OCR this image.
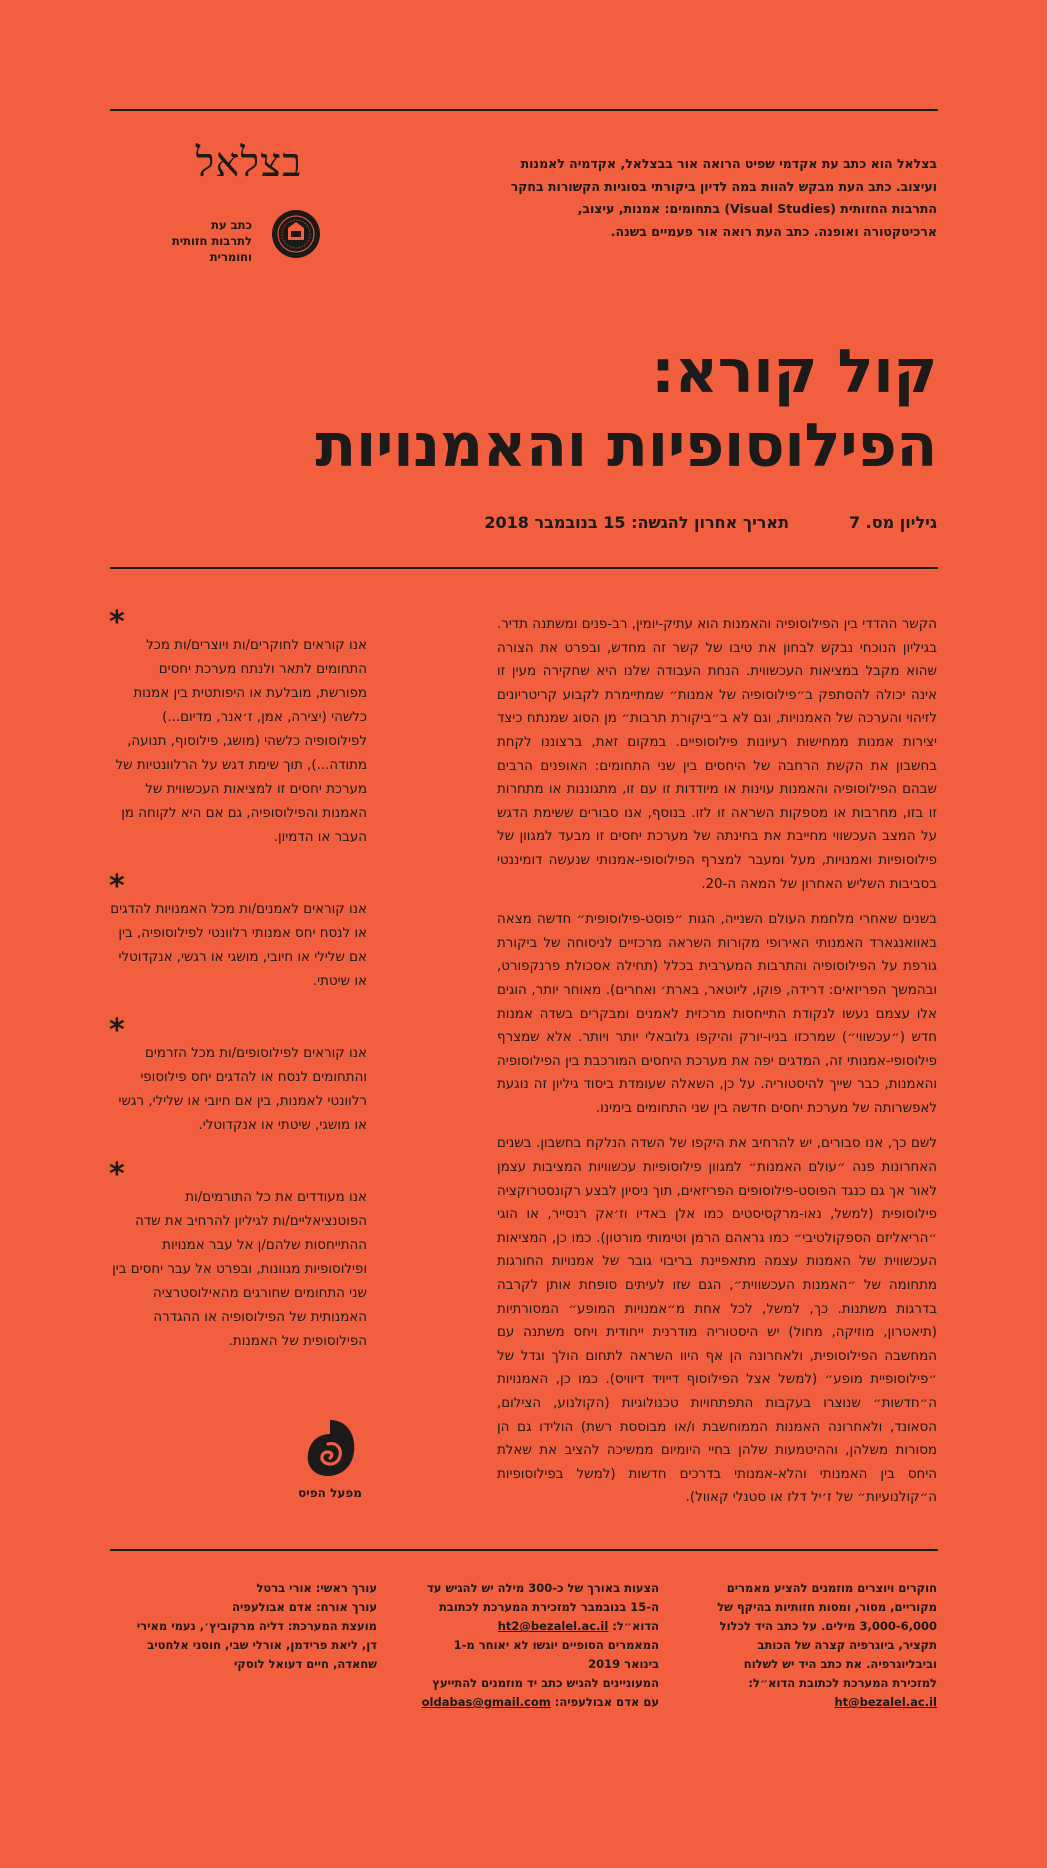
בצלאל הוא כתב עת אקדמי שפיט הרואה אור בבצלאל, אקדמיה לאמנות ועיצוב. כתב העת מבקש להוות במה לדיון ביקורתי בסוגיות הקשורות בחקר התרבות החזותית (Visual Studies) בתחומים: אמנות, עיצוב, ארכיטקטורה ואופנה. כתב העת רואה אור פעמיים בשנה.
בצלאל
כתב עת לתרבות חזותית וחומרית
קול קורא:
הפילוסופיות והאמנויות
גיליון מס. 7
תאריך אחרון להגשה: 15 בנובמבר 2018

הקשר ההדדי בין הפילוסופיה והאמנות הוא עתיק-יומין, רב-פנים ומשתנה תדיר. בגיליון הנוכחי נבקש לבחון את טיבו של קשר זה מחדש, ובפרט את הצורה שהוא מקבל במציאות העכשווית. הנחת העבודה שלנו היא שחקירה מעין זו אינה יכולה להסתפק ב״פילוסופיה של אמנות״ שמתיימרת לקבוע קריטריונים לזיהוי והערכה של האמנויות, וגם לא ב״ביקורת תרבות״ מן הסוג שמנתח כיצד יצירות אמנות ממחישות רעיונות פילוסופיים. במקום זאת, ברצוננו לקחת בחשבון את הקשת הרחבה של היחסים בין שני התחומים: האופנים הרבים שבהם הפילוסופיה והאמנות עוינות או מיודדות זו עם זו, מתגוננות או מתחרות זו בזו, מחרבות או מספקות השראה זו לזו. בנוסף, אנו סבורים ששימת הדגש על המצב העכשווי מחייבת את בחינתה של מערכת יחסים זו מבעד למגוון של פילוסופיות ואמנויות, מעל ומעבר למצרף הפילוסופי-אמנותי שנעשה דומיננטי בסביבות השליש האחרון של המאה ה-20.

בשנים שאחרי מלחמת העולם השנייה, הגות ״פוסט-פילוסופית״ חדשה מצאה באוואנגארד האמנותי האירופי מקורות השראה מרכזיים לניסוחה של ביקורת גורפת על הפילוסופיה והתרבות המערבית בכלל (תחילה אסכולת פרנקפורט, ובהמשך הפריזאים: דרידה, פוקו, ליוטאר, בארת׳ ואחרים). מאוחר יותר, הוגים אלו עצמם נעשו לנקודת התייחסות מרכזית לאמנים ומבקרים בשדה אמנות חדש (״עכשווי״) שמרכזו בניו-יורק והיקפו גלובאלי יותר ויותר. אלא שמצרף פילוסופי-אמנותי זה, המדגים יפה את מערכת היחסים המורכבת בין הפילוסופיה והאמנות, כבר שייך להיסטוריה. על כן, השאלה שעומדת ביסוד גיליון זה נוגעת לאפשרותה של מערכת יחסים חדשה בין שני התחומים בימינו.

לשם כך, אנו סבורים, יש להרחיב את היקפו של השדה הנלקח בחשבון. בשנים האחרונות פנה ״עולם האמנות״ למגוון פילוסופיות עכשוויות המציבות עצמן לאור אך גם כנגד הפוסט-פילוסופים הפריזאים, תוך ניסיון לבצע רקונסטרוקציה פילוסופית (למשל, נאו-מרקסיסטים כמו אלן באדיו וז׳אק רנסייר, או הוגי ״הריאליזם הספקולטיבי״ כמו גראהם הרמן וטימותי מורטון). כמו כן, המציאות העכשווית של האמנות עצמה מתאפיינת בריבוי גובר של אמנויות החורגות מתחומה של ״האמנות העכשווית״, הגם שזו לעיתים סופחת אותן לקרבה בדרגות משתנות. כך, למשל, לכל אחת מ״אמנויות המופע״ המסורתיות (תיאטרון, מוזיקה, מחול) יש היסטוריה מודרנית ייחודית ויחס משתנה עם המחשבה הפילוסופית, ולאחרונה הן אף היוו השראה לתחום הולך וגדל של ״פילוסופיית מופע״ (למשל אצל הפילוסוף דייויד דיוויס). כמו כן, האמנויות ה״חדשות״ שנוצרו בעקבות התפתחויות טכנולוגיות (הקולנוע, הצילום, הסאונד, ולאחרונה האמנות הממוחשבת ו/או מבוססת רשת) הולידו גם הן מסורות משלהן, וההיטמעות שלהן בחיי היומיום ממשיכה להציב את שאלת היחס בין האמנותי והלא-אמנותי בדרכים חדשות (למשל בפילוסופיות ה״קולנועיות״ של ז׳יל דלז או סטנלי קאוול).

*
אנו קוראים לחוקרים/ות ויוצרים/ות מכל התחומים לתאר ולנתח מערכת יחסים מפורשת, מובלעת או היפותטית בין אמנות כלשהי (יצירה, אמן, ז׳אנר, מדיום...) לפילוסופיה כלשהי (מושג, פילוסוף, תנועה, מתודה...), תוך שימת דגש על הרלוונטיות של מערכת יחסים זו למציאות העכשווית של האמנות והפילוסופיה, גם אם היא לקוחה מן העבר או הדמיון.
*
אנו קוראים לאמנים/ות מכל האמנויות להדגים או לנסח יחס אמנותי רלוונטי לפילוסופיה, בין אם שלילי או חיובי, מושגי או רגשי, אנקדוטלי או שיטתי.
*
אנו קוראים לפילוסופים/ות מכל הזרמים והתחומים לנסח או להדגים יחס פילוסופי רלוונטי לאמנות, בין אם חיובי או שלילי, רגשי או מושגי, שיטתי או אנקדוטלי.
*
אנו מעודדים את כל התורמים/ות הפוטנציאליים/ות לגיליון להרחיב את שדה ההתייחסות שלהם/ן אל עבר אמנויות ופילוסופיות מגוונות, ובפרט אל עבר יחסים בין שני התחומים שחורגים מהאילוסטרציה האמנותית של הפילוסופיה או ההגדרה הפילוסופית של האמנות.
מפעל הפיס
חוקרים ויוצרים מוזמנים להציע מאמרים מקוריים, מסור, ומסות חזותיות בהיקף של 3,000-6,000 מילים. על כתב היד לכלול תקציר, ביוגרפיה קצרה של הכותב וביבליוגרפיה. את כתב היד יש לשלוח למזכירת המערכת לכתובת הדוא״ל: ht@bezalel.ac.il
הצעות באורך של כ-300 מילה יש להגיש עד ה-15 בנובמבר למזכירת המערכת לכתובת הדוא״ל: ht2@bezalel.ac.il
המאמרים הסופיים יוגשו לא יאוחר מ-1 בינואר 2019
המעוניינים להגיש כתב יד מוזמנים להתייעץ עם אדם אבולעפיה: oldabas@gmail.com
עורך ראשי: אורי ברטל
עורך אורח: אדם אבולעפיה
מועצת המערכת: דליה מרקוביץ׳, נעמי מאירי דן, ליאת פרידמן, אורלי שבי, חוסני אלחטיב שחאדה, חיים דעואל לוסקי
